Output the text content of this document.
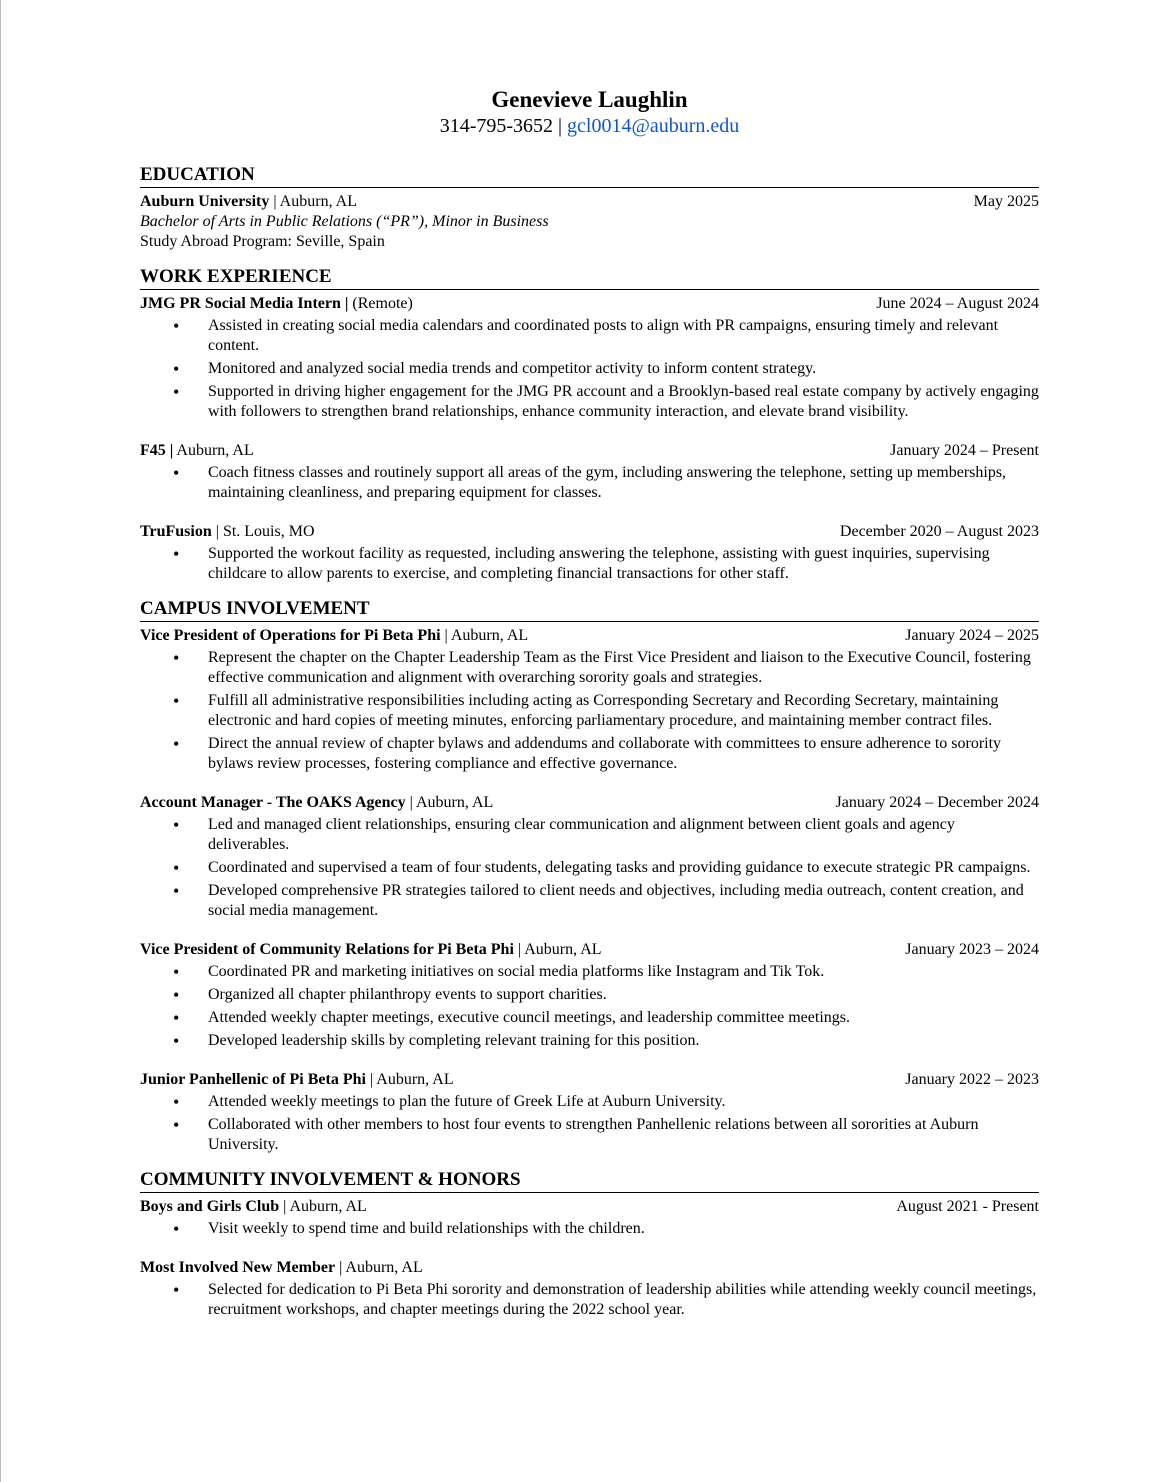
Genevieve Laughlin
314-795-3652 | gcl0014@auburn.edu
EDUCATION
Auburn University | Auburn, AL	May 2025
Bachelor of Arts in Public Relations (“PR”), Minor in Business
Study Abroad Program: Seville, Spain
WORK EXPERIENCE
JMG PR Social Media Intern | (Remote)	June 2024 – August 2024
• Assisted in creating social media calendars and coordinated posts to align with PR campaigns, ensuring timely and relevant content.
• Monitored and analyzed social media trends and competitor activity to inform content strategy.
• Supported in driving higher engagement for the JMG PR account and a Brooklyn-based real estate company by actively engaging with followers to strengthen brand relationships, enhance community interaction, and elevate brand visibility.
F45 | Auburn, AL	January 2024 – Present
• Coach fitness classes and routinely support all areas of the gym, including answering the telephone, setting up memberships, maintaining cleanliness, and preparing equipment for classes.
TruFusion | St. Louis, MO	December 2020 – August 2023
• Supported the workout facility as requested, including answering the telephone, assisting with guest inquiries, supervising childcare to allow parents to exercise, and completing financial transactions for other staff.
CAMPUS INVOLVEMENT
Vice President of Operations for Pi Beta Phi | Auburn, AL	January 2024 – 2025
• Represent the chapter on the Chapter Leadership Team as the First Vice President and liaison to the Executive Council, fostering effective communication and alignment with overarching sorority goals and strategies.
• Fulfill all administrative responsibilities including acting as Corresponding Secretary and Recording Secretary, maintaining electronic and hard copies of meeting minutes, enforcing parliamentary procedure, and maintaining member contract files.
• Direct the annual review of chapter bylaws and addendums and collaborate with committees to ensure adherence to sorority bylaws review processes, fostering compliance and effective governance.
Account Manager - The OAKS Agency | Auburn, AL	January 2024 – December 2024
• Led and managed client relationships, ensuring clear communication and alignment between client goals and agency deliverables.
• Coordinated and supervised a team of four students, delegating tasks and providing guidance to execute strategic PR campaigns.
• Developed comprehensive PR strategies tailored to client needs and objectives, including media outreach, content creation, and social media management.
Vice President of Community Relations for Pi Beta Phi | Auburn, AL	January 2023 – 2024
• Coordinated PR and marketing initiatives on social media platforms like Instagram and Tik Tok.
• Organized all chapter philanthropy events to support charities.
• Attended weekly chapter meetings, executive council meetings, and leadership committee meetings.
• Developed leadership skills by completing relevant training for this position.
Junior Panhellenic of Pi Beta Phi | Auburn, AL	January 2022 – 2023
• Attended weekly meetings to plan the future of Greek Life at Auburn University.
• Collaborated with other members to host four events to strengthen Panhellenic relations between all sororities at Auburn University.
COMMUNITY INVOLVEMENT & HONORS
Boys and Girls Club | Auburn, AL	August 2021 - Present
• Visit weekly to spend time and build relationships with the children.
Most Involved New Member | Auburn, AL
• Selected for dedication to Pi Beta Phi sorority and demonstration of leadership abilities while attending weekly council meetings, recruitment workshops, and chapter meetings during the 2022 school year.
